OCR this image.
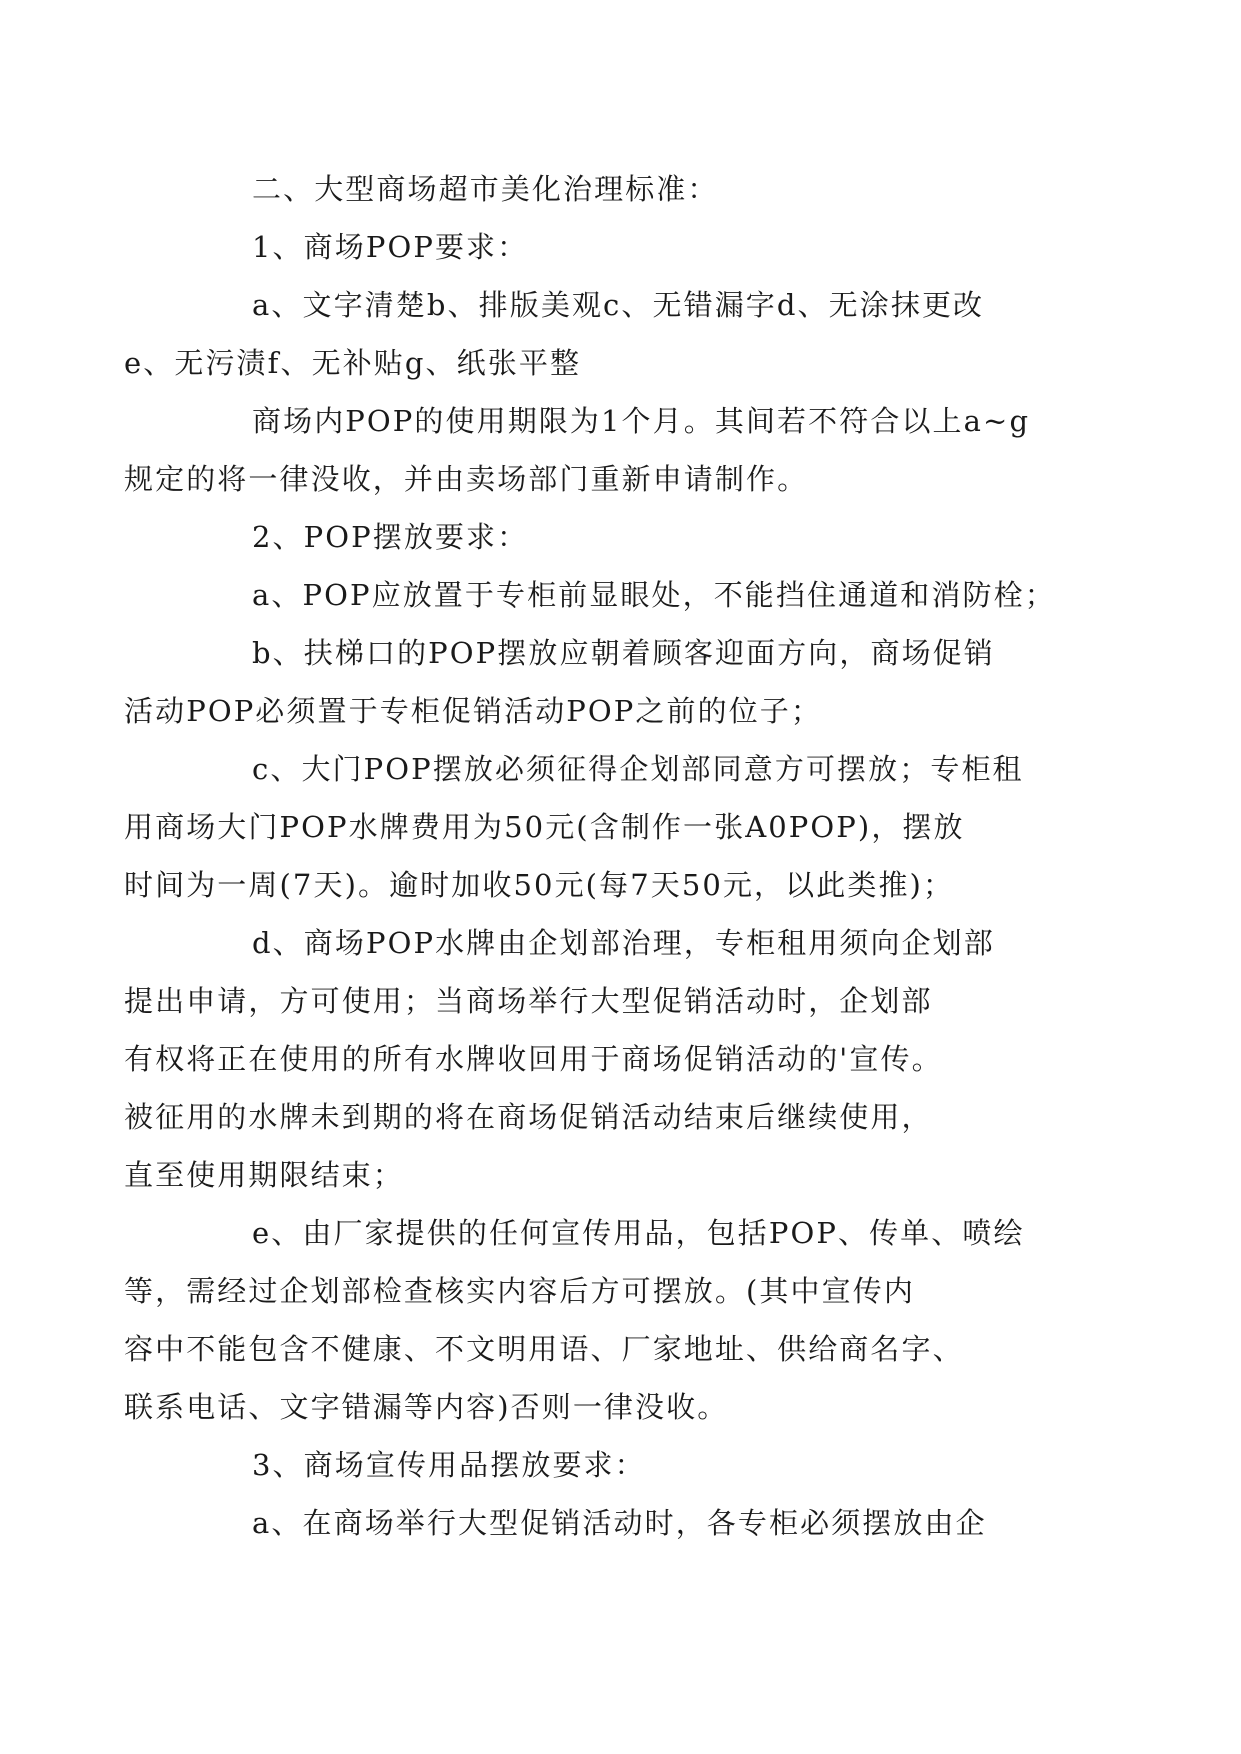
二、大型商场超市美化治理标准：

1、商场POP要求：

a、文字清楚b、排版美观c、无错漏字d、无涂抹更改
e、无污渍f、无补贴g、纸张平整

商场内POP的使用期限为1个月。其间若不符合以上a~g
规定的将一律没收，并由卖场部门重新申请制作。

2、POP摆放要求：

a、POP应放置于专柜前显眼处，不能挡住通道和消防栓；

b、扶梯口的POP摆放应朝着顾客迎面方向，商场促销
活动POP必须置于专柜促销活动POP之前的位子；

c、大门POP摆放必须征得企划部同意方可摆放；专柜租
用商场大门POP水牌费用为50元(含制作一张A0POP)，摆放
时间为一周(7天)。逾时加收50元(每7天50元，以此类推)；

d、商场POP水牌由企划部治理，专柜租用须向企划部
提出申请，方可使用；当商场举行大型促销活动时，企划部
有权将正在使用的所有水牌收回用于商场促销活动的'宣传。
被征用的水牌未到期的将在商场促销活动结束后继续使用，
直至使用期限结束；

e、由厂家提供的任何宣传用品，包括POP、传单、喷绘
等，需经过企划部检查核实内容后方可摆放。(其中宣传内
容中不能包含不健康、不文明用语、厂家地址、供给商名字、
联系电话、文字错漏等内容)否则一律没收。

3、商场宣传用品摆放要求：

a、在商场举行大型促销活动时，各专柜必须摆放由企
